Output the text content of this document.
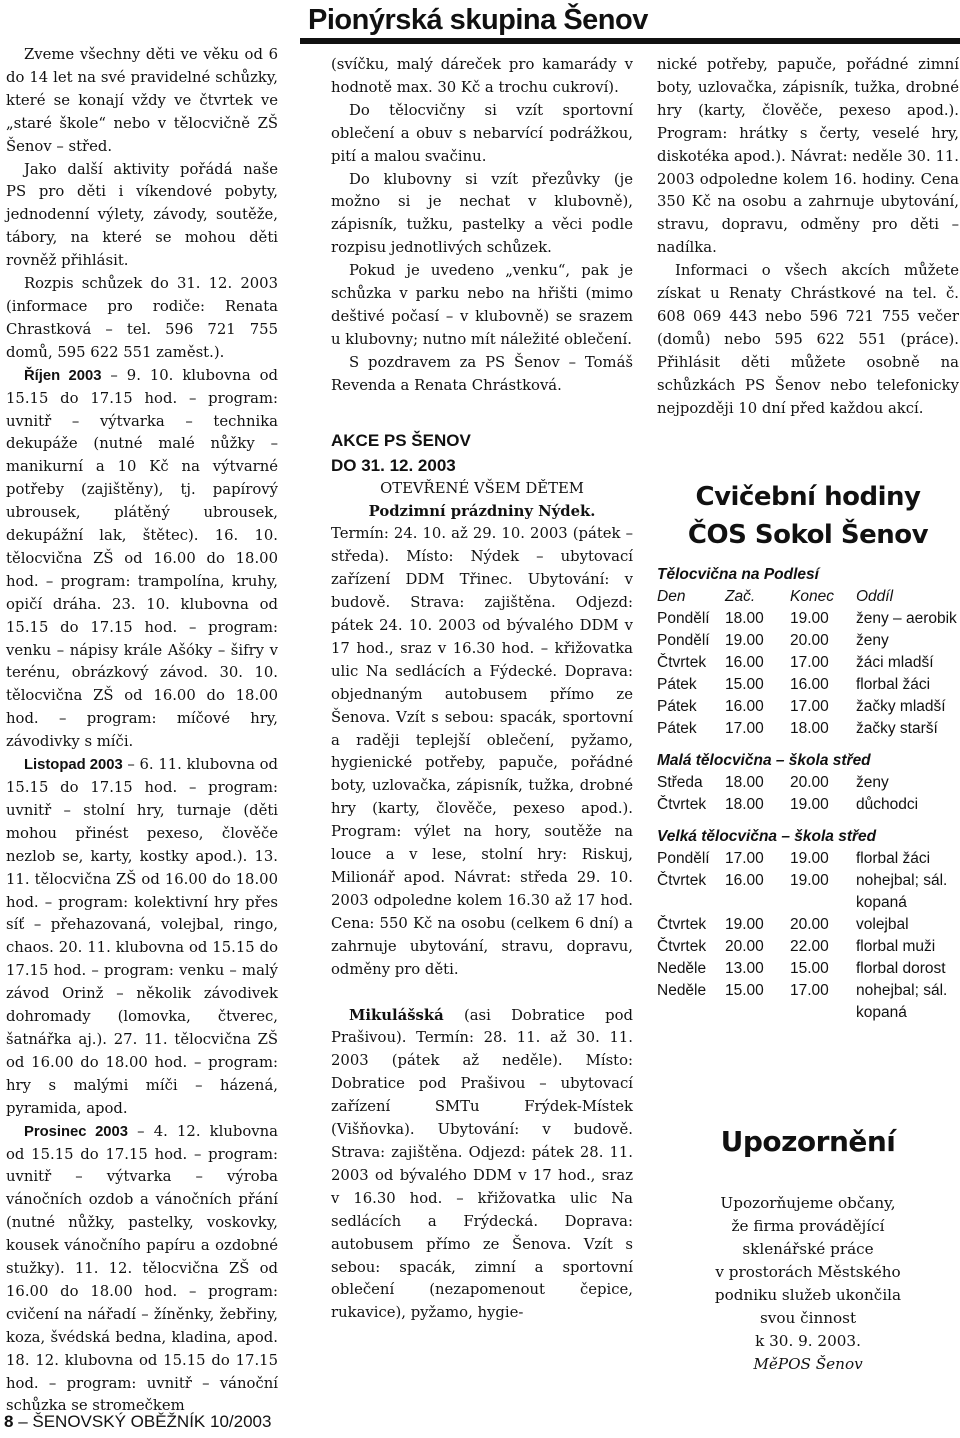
Pionýrská skupina Šenov

Zveme všechny děti ve věku od 6 do 14 let na své pravidelné schůzky, které se konají vždy ve čtvrtek ve „staré škole“ nebo v tělocvičně ZŠ Šenov – střed.

Jako další aktivity pořádá naše PS pro děti i víkendové pobyty, jednodenní výlety, závody, soutěže, tábory, na které se mohou děti rovněž přihlásit.

Rozpis schůzek do 31. 12. 2003 (informace pro rodiče: Renata Chrastková – tel. 596 721 755 domů, 595 622 551 zaměst.).

Říjen 2003 – 9. 10. klubovna od 15.15 do 17.15 hod. – program: uvnitř – výtvarka – technika dekupáže (nutné malé nůžky – manikurní a 10 Kč na výtvarné potřeby (zajištěny), tj. papírový ubrousek, plátěný ubrousek, dekupážní lak, štětec). 16. 10. tělocvična ZŠ od 16.00 do 18.00 hod. – program: trampolína, kruhy, opičí dráha. 23. 10. klubovna od 15.15 do 17.15 hod. – program: venku – nápisy krále Ašóky – šifry v terénu, obrázkový závod. 30. 10. tělocvična ZŠ od 16.00 do 18.00 hod. – program: míčové hry, závodivky s míči.

Listopad 2003 – 6. 11. klubovna od 15.15 do 17.15 hod. – program: uvnitř – stolní hry, turnaje (děti mohou přinést pexeso, člověče nezlob se, karty, kostky apod.). 13. 11. tělocvična ZŠ od 16.00 do 18.00 hod. – program: kolektivní hry přes síť – přehazovaná, volejbal, ringo, chaos. 20. 11. klubovna od 15.15 do 17.15 hod. – program: venku – malý závod Orinž – několik závodivek dohromady (lomovka, čtverec, šatnářka aj.). 27. 11. tělocvična ZŠ od 16.00 do 18.00 hod. – program: hry s malými míči – házená, pyramida, apod.

Prosinec 2003 – 4. 12. klubovna od 15.15 do 17.15 hod. – program: uvnitř – výtvarka – výroba vánočních ozdob a vánočních přání (nutné nůžky, pastelky, voskovky, kousek vánočního papíru a ozdobné stužky). 11. 12. tělocvična ZŠ od 16.00 do 18.00 hod. – program: cvičení na nářadí – žíněnky, žebřiny, koza, švédská bedna, kladina, apod. 18. 12. klubovna od 15.15 do 17.15 hod. – program: uvnitř – vánoční schůzka se stromečkem

(svíčku, malý dáreček pro kamarády v hodnotě max. 30 Kč a trochu cukroví).

Do tělocvičny si vzít sportovní oblečení a obuv s nebarvící podrážkou, pití a malou svačinu.

Do klubovny si vzít přezůvky (je možno si je nechat v klubovně), zápisník, tužku, pastelky a věci podle rozpisu jednotlivých schůzek.

Pokud je uvedeno „venku“, pak je schůzka v parku nebo na hřišti (mimo deštivé počasí – v klubovně) se srazem u klubovny; nutno mít náležité oblečení.

S pozdravem za PS Šenov – Tomáš Revenda a Renata Chrástková.

AKCE PS ŠENOV
DO 31. 12. 2003

OTEVŘENÉ VŠEM DĚTEM

Podzimní prázdniny Nýdek.

Termín: 24. 10. až 29. 10. 2003 (pátek – středa). Místo: Nýdek – ubytovací zařízení DDM Třinec. Ubytování: v budově. Strava: zajištěna. Odjezd: pátek 24. 10. 2003 od bývalého DDM v 17 hod., sraz v 16.30 hod. – křižovatka ulic Na sedlácích a Fýdecké. Doprava: objednaným autobusem přímo ze Šenova. Vzít s sebou: spacák, sportovní a raději teplejší oblečení, pyžamo, hygienické potřeby, papuče, pořádné boty, uzlovačka, zápisník, tužka, drobné hry (karty, člověče, pexeso apod.). Program: výlet na hory, soutěže na louce a v lese, stolní hry: Riskuj, Milionář apod. Návrat: středa 29. 10. 2003 odpoledne kolem 16.30 až 17 hod. Cena: 550 Kč na osobu (celkem 6 dní) a zahrnuje ubytování, stravu, dopravu, odměny pro děti.

Mikulášská (asi Dobratice pod Prašivou). Termín: 28. 11. až 30. 11. 2003 (pátek až neděle). Místo: Dobratice pod Prašivou – ubytovací zařízení SMTu Frýdek-Místek (Višňovka). Ubytování: v budově. Strava: zajištěna. Odjezd: pátek 28. 11. 2003 od bývalého DDM v 17 hod., sraz v 16.30 hod. – křižovatka ulic Na sedlácích a Frýdecká. Doprava: autobusem přímo ze Šenova. Vzít s sebou: spacák, zimní a sportovní oblečení (nezapomenout čepice, rukavice), pyžamo, hygie-

nické potřeby, papuče, pořádné zimní boty, uzlovačka, zápisník, tužka, drobné hry (karty, člověče, pexeso apod.). Program: hrátky s čerty, veselé hry, diskotéka apod.). Návrat: neděle 30. 11. 2003 odpoledne kolem 16. hodiny. Cena 350 Kč na osobu a zahrnuje ubytování, stravu, dopravu, odměny pro děti – nadílka.

Informaci o všech akcích můžete získat u Renaty Chrástkové na tel. č. 608 069 443 nebo 596 721 755 večer (domů) nebo 595 622 551 (práce). Přihlásit děti můžete osobně na schůzkách PS Šenov nebo telefonicky nejpozději 10 dní před každou akcí.

Cvičební hodiny
ČOS Sokol Šenov
Tělocvična na Podlesí
Den	Zač.	Konec	Oddíl
Pondělí	18.00	19.00	ženy – aerobik
Pondělí	19.00	20.00	ženy
Čtvrtek	16.00	17.00	žáci mladší
Pátek	15.00	16.00	florbal žáci
Pátek	16.00	17.00	žačky mladší
Pátek	17.00	18.00	žačky starší
Malá tělocvična – škola střed
Středa	18.00	20.00	ženy
Čtvrtek	18.00	19.00	důchodci
Velká tělocvična – škola střed
Pondělí	17.00	19.00	florbal žáci
Čtvrtek	16.00	19.00	nohejbal; sál. kopaná
Čtvrtek	19.00	20.00	volejbal
Čtvrtek	20.00	22.00	florbal muži
Neděle	13.00	15.00	florbal dorost
Neděle	15.00	17.00	nohejbal; sál. kopaná
Upozornění
Upozorňujeme občany,
že firma provádějící
sklenářské práce
v prostorách Městského
podniku služeb ukončila
svou činnost
k 30. 9. 2003.
MěPOS Šenov
8 – ŠENOVSKÝ OBĚŽNÍK 10/2003
